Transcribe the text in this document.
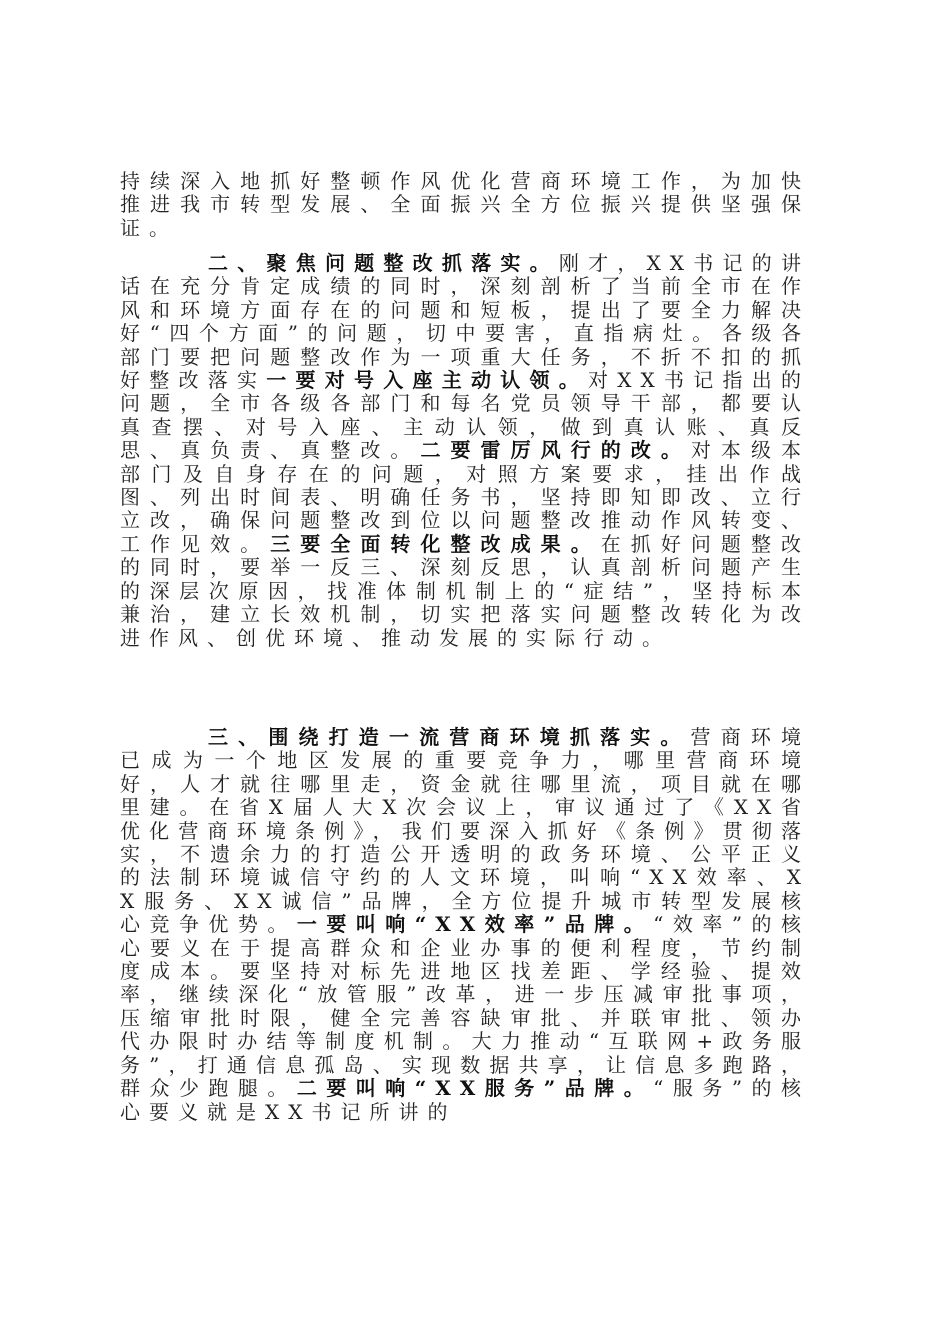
持续深入地抓好整顿作风优化营商环境工作，为加快推进我市转型发展、全面振兴全方位振兴提供坚强保证。

二、聚焦问题整改抓落实。刚才，XX书记的讲话在充分肯定成绩的同时，深刻剖析了当前全市在作风和环境方面存在的问题和短板，提出了要全力解决好“四个方面”的问题，切中要害，直指病灶。各级各部门要把问题整改作为一项重大任务，不折不扣的抓好整改落实一要对号入座主动认领。对XX书记指出的问题，全市各级各部门和每名党员领导干部，都要认真查摆、对号入座、主动认领，做到真认账、真反思、真负责、真整改。二要雷厉风行的改。对本级本部门及自身存在的问题，对照方案要求，挂出作战图、列出时间表、明确任务书，坚持即知即改、立行立改，确保问题整改到位以问题整改推动作风转变、工作见效。三要全面转化整改成果。在抓好问题整改的同时，要举一反三、深刻反思，认真剖析问题产生的深层次原因，找准体制机制上的“症结”，坚持标本兼治，建立长效机制，切实把落实问题整改转化为改进作风、创优环境、推动发展的实际行动。

三、围绕打造一流营商环境抓落实。营商环境已成为一个地区发展的重要竞争力，哪里营商环境好，人才就往哪里走，资金就往哪里流，项目就在哪里建。在省X届人大X次会议上，审议通过了《XX省优化营商环境条例》，我们要深入抓好《条例》贯彻落实，不遗余力的打造公开透明的政务环境、公平正义的法制环境诚信守约的人文环境，叫响“XX效率、XX服务、XX诚信”品牌，全方位提升城市转型发展核心竞争优势。一要叫响“XX效率”品牌。“效率”的核心要义在于提高群众和企业办事的便利程度，节约制度成本。要坚持对标先进地区找差距、学经验、提效率，继续深化“放管服”改革，进一步压减审批事项，压缩审批时限，健全完善容缺审批、并联审批、领办代办限时办结等制度机制。大力推动“互联网+政务服务”，打通信息孤岛、实现数据共享，让信息多跑路，群众少跑腿。二要叫响“XX服务”品牌。“服务”的核心要义就是XX书记所讲的
